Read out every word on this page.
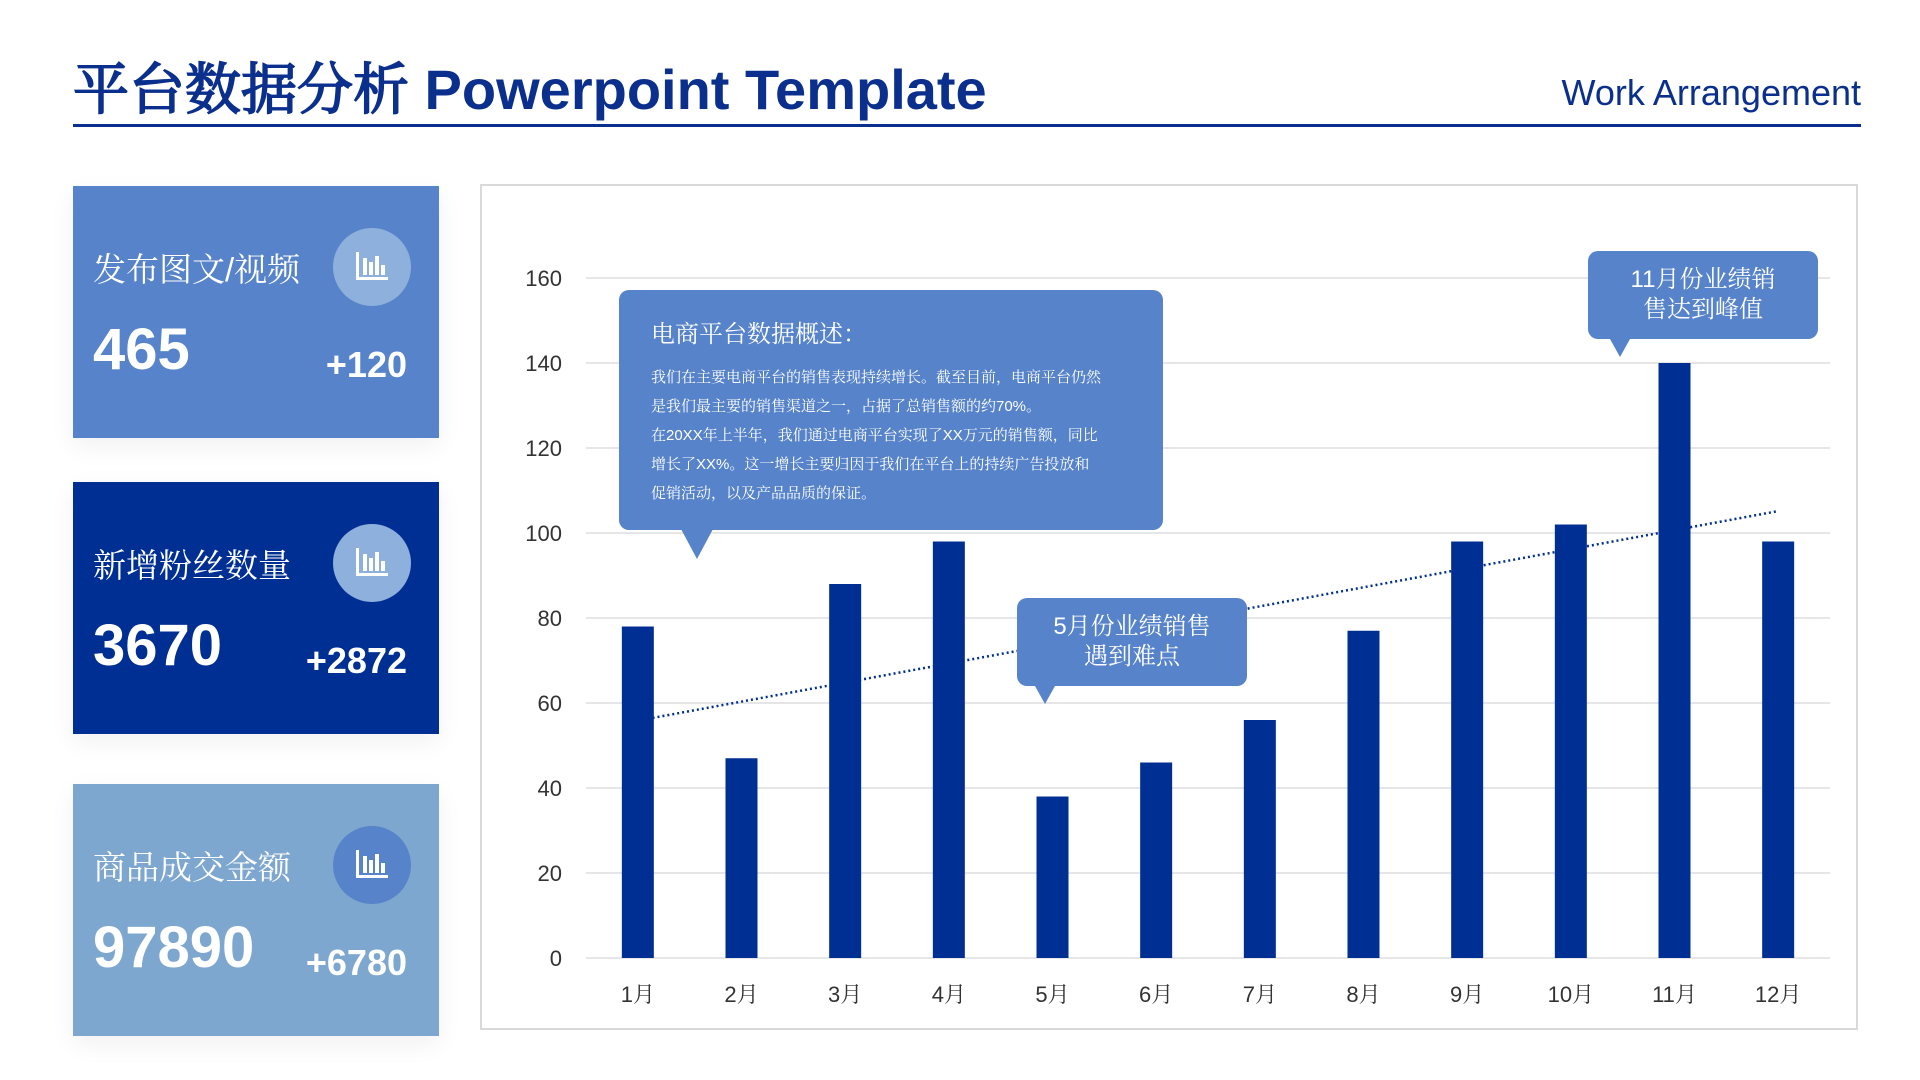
平台数据分析 Powerpoint Template	Work Arrangement
发布图文/视频
465	+120
新增粉丝数量
3670 +2872
商品成交金额
97890 +6780	0
20
40
60
80
100
120
140
160
1月	2月	3月	4月	5月	6月	7月	8月	9月	10月	11月	12月
电商平台数据概述：
我们在主要电商平台的销售表现持续增长。截至目前，电商平台仍然
是我们最主要的销售渠道之一，占据了总销售额的约70%。
在20XX年上半年，我们通过电商平台实现了XX万元的销售额，同比
增长了XX%。这一增长主要归因于我们在平台上的持续广告投放和
促销活动，以及产品品质的保证。
5月份业绩销售
遇到难点
11月份业绩销
售达到峰值
